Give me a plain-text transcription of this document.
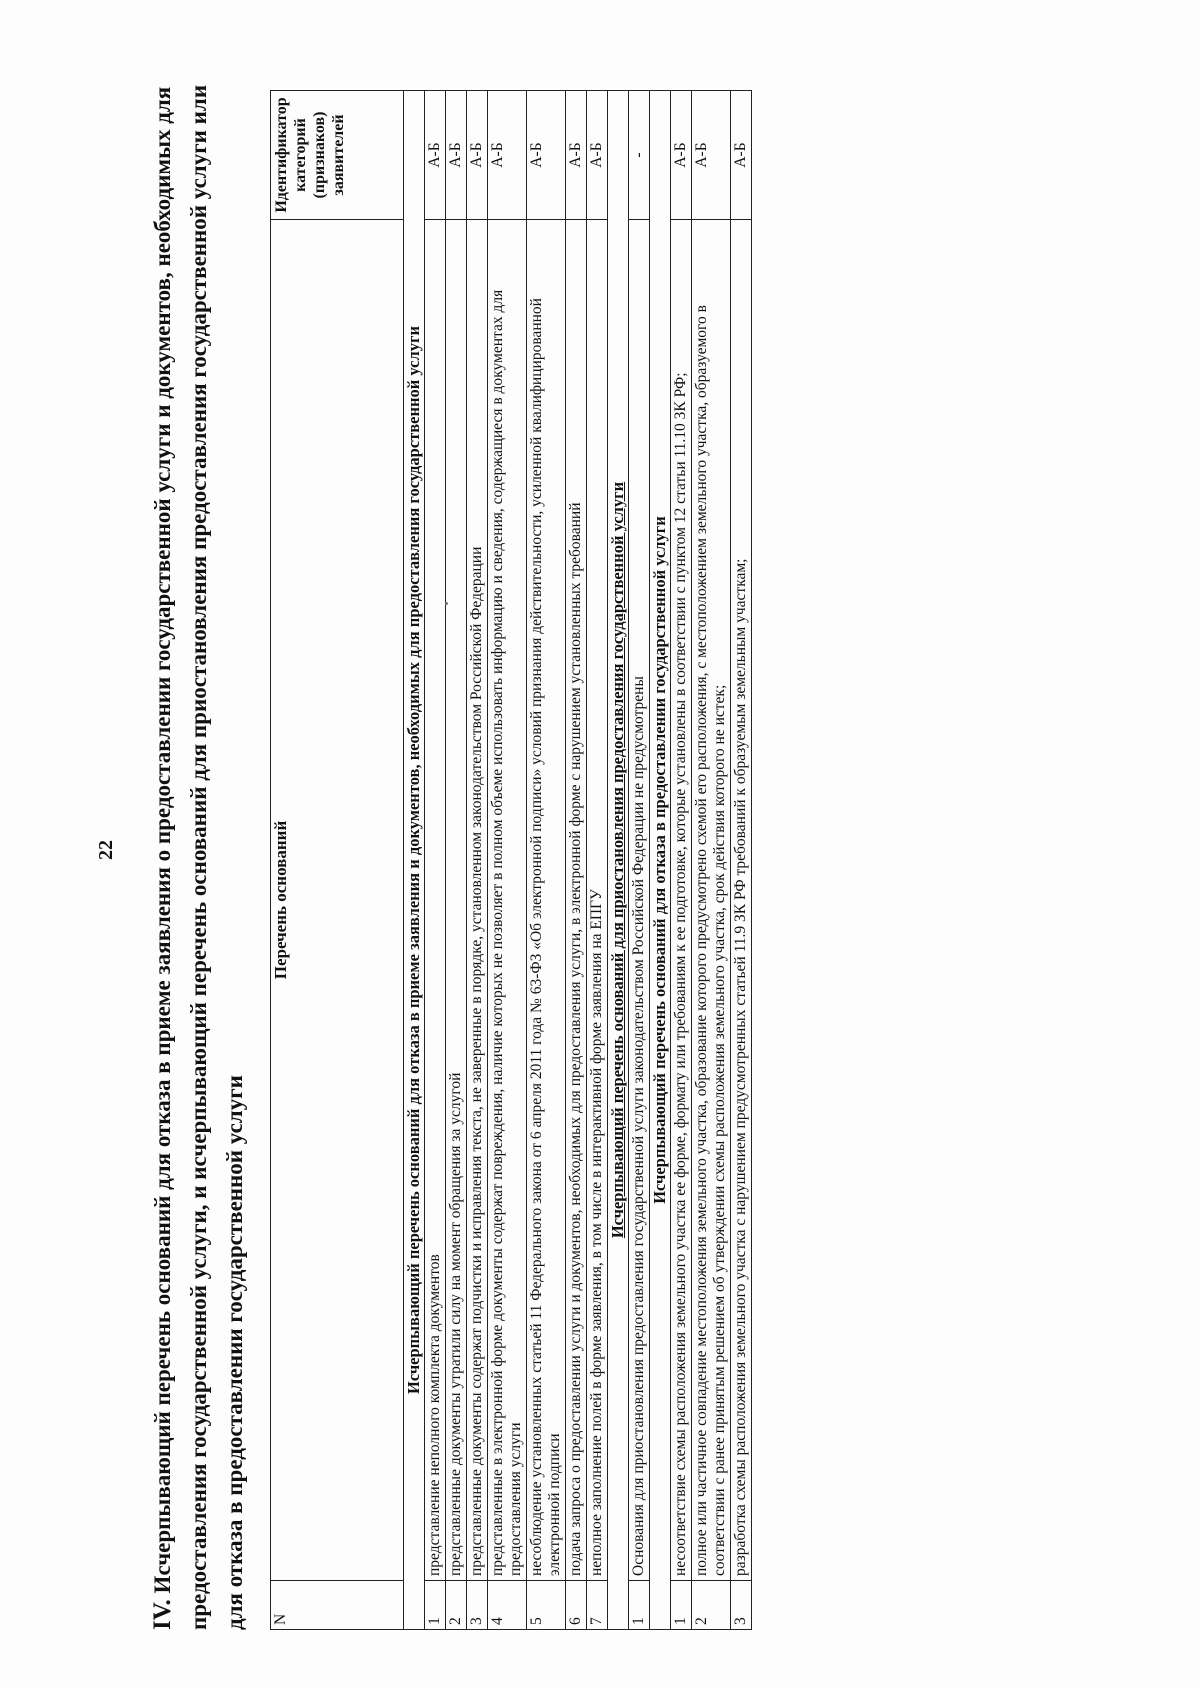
22
IV. Исчерпывающий перечень оснований для отказа в приеме заявления о предоставлении государственной услуги и документов, необходимых для предоставления государственной услуги, и исчерпывающий перечень оснований для приостановления предоставления государственной услуги или для отказа в предоставлении государственной услуги	N	Перечень оснований	Идентификатор категорий (признаков) заявителей
Исчерпывающий перечень оснований для отказа в приеме заявления и документов, необходимых для предоставления государственной услуги		
1	представление неполного комплекта документов	А-Б
2	представленные документы утратили силу на момент обращения за услугой	А-Б
3	представленные документы содержат подчистки и исправления текста, не заверенные в порядке, установленном законодательством Российской Федерации	А-Б
4	представленные в электронной форме документы содержат повреждения, наличие которых не позволяет в полном объеме использовать информацию и сведения, содержащиеся в документах для предоставления услуги	А-Б
5	несоблюдение установленных статьей 11 Федерального закона от 6 апреля 2011 года № 63-ФЗ «Об электронной подписи» условий признания действительности, усиленной квалифицированной электронной подписи	А-Б
6	подача запроса о предоставлении услуги и документов, необходимых для предоставления услуги, в электронной форме с нарушением установленных требований	А-Б
7	неполное заполнение полей в форме заявления, в том числе в интерактивной форме заявления на ЕПГУ	А-Б
Исчерпывающий перечень оснований для приостановления предоставления государственной услуги		
1	Основания для приостановления предоставления государственной услуги законодательством Российской Федерации не предусмотрены	-
Исчерпывающий перечень оснований для отказа в предоставлении государственной услуги		
1	несоответствие схемы расположения земельного участка ее форме, формату или требованиям к ее подготовке, которые установлены в соответствии с пунктом 12 статьи 11.10 ЗК РФ;	А-Б
2	полное или частичное совпадение местоположения земельного участка, образование которого предусмотрено схемой его расположения, с местоположением земельного участка, образуемого в соответствии с ранее принятым решением об утверждении схемы расположения земельного участка, срок действия которого не истек;	А-Б
3	разработка схемы расположения земельного участка с нарушением предусмотренных статьей 11.9 ЗК РФ требований к образуемым земельным участкам;	А-Б
